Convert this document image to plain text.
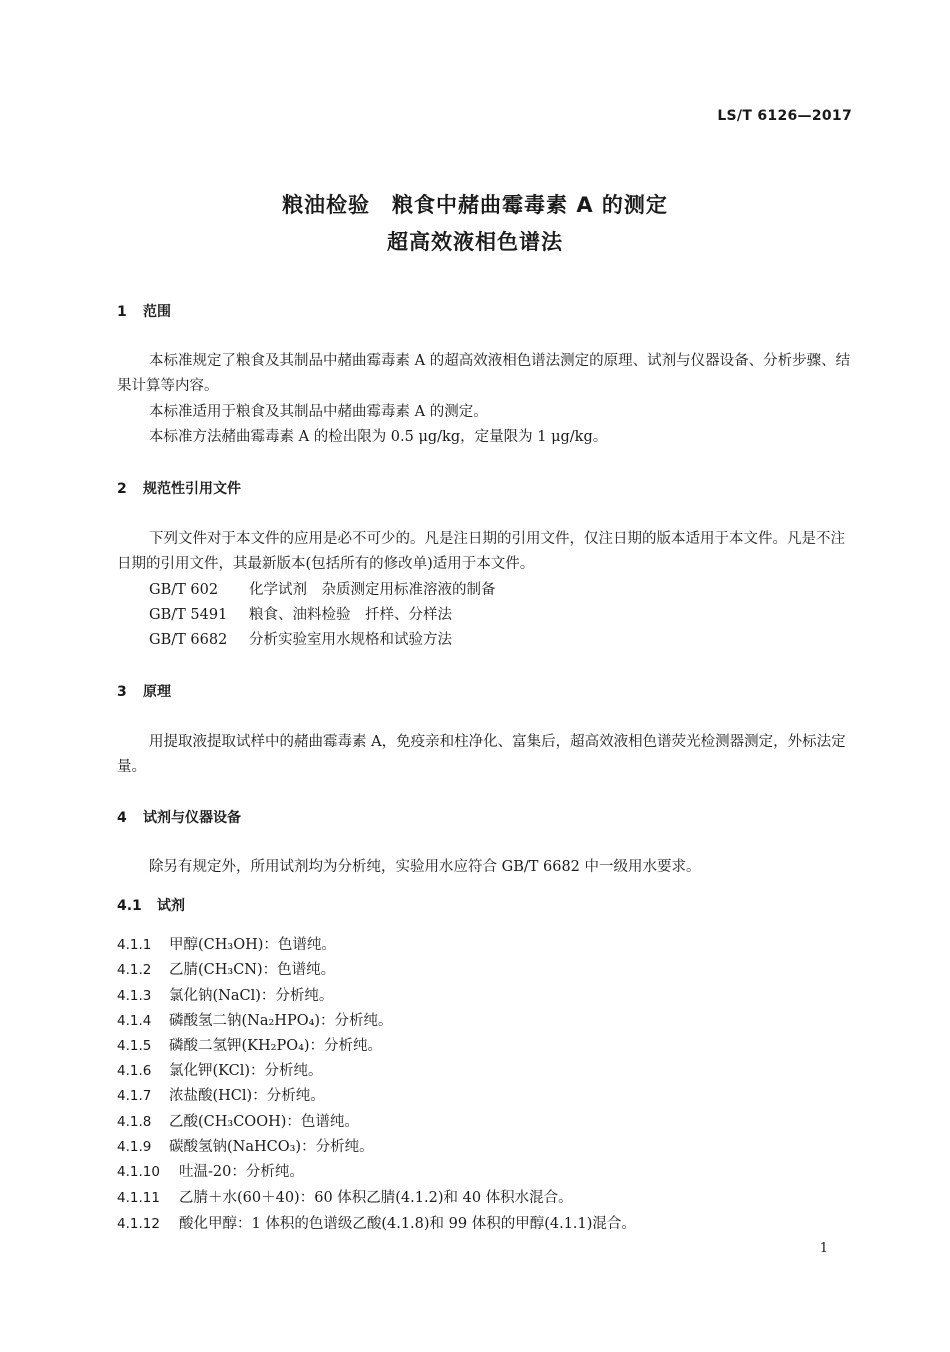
LS/T 6126—2017
粮油检验　粮食中赭曲霉毒素 A 的测定
超高效液相色谱法
1 范围
本标准规定了粮食及其制品中赭曲霉毒素 A 的超高效液相色谱法测定的原理、试剂与仪器设备、分析步骤、结果计算等内容。
本标准适用于粮食及其制品中赭曲霉毒素 A 的测定。
本标准方法赭曲霉毒素 A 的检出限为 0.5 μg/kg，定量限为 1 μg/kg。
2 规范性引用文件
下列文件对于本文件的应用是必不可少的。凡是注日期的引用文件，仅注日期的版本适用于本文件。凡是不注日期的引用文件，其最新版本(包括所有的修改单)适用于本文件。
GB/T 602 化学试剂　杂质测定用标准溶液的制备
GB/T 5491 粮食、油料检验　扦样、分样法
GB/T 6682 分析实验室用水规格和试验方法
3 原理
用提取液提取试样中的赭曲霉毒素 A，免疫亲和柱净化、富集后，超高效液相色谱荧光检测器测定，外标法定量。
4 试剂与仪器设备
除另有规定外，所用试剂均为分析纯，实验用水应符合 GB/T 6682 中一级用水要求。
4.1 试剂
4.1.1 甲醇(CH₃OH)：色谱纯。
4.1.2 乙腈(CH₃CN)：色谱纯。
4.1.3 氯化钠(NaCl)：分析纯。
4.1.4 磷酸氢二钠(Na₂HPO₄)：分析纯。
4.1.5 磷酸二氢钾(KH₂PO₄)：分析纯。
4.1.6 氯化钾(KCl)：分析纯。
4.1.7 浓盐酸(HCl)：分析纯。
4.1.8 乙酸(CH₃COOH)：色谱纯。
4.1.9 碳酸氢钠(NaHCO₃)：分析纯。
4.1.10 吐温-20：分析纯。
4.1.11 乙腈＋水(60＋40)：60 体积乙腈(4.1.2)和 40 体积水混合。
4.1.12 酸化甲醇：1 体积的色谱级乙酸(4.1.8)和 99 体积的甲醇(4.1.1)混合。
1
